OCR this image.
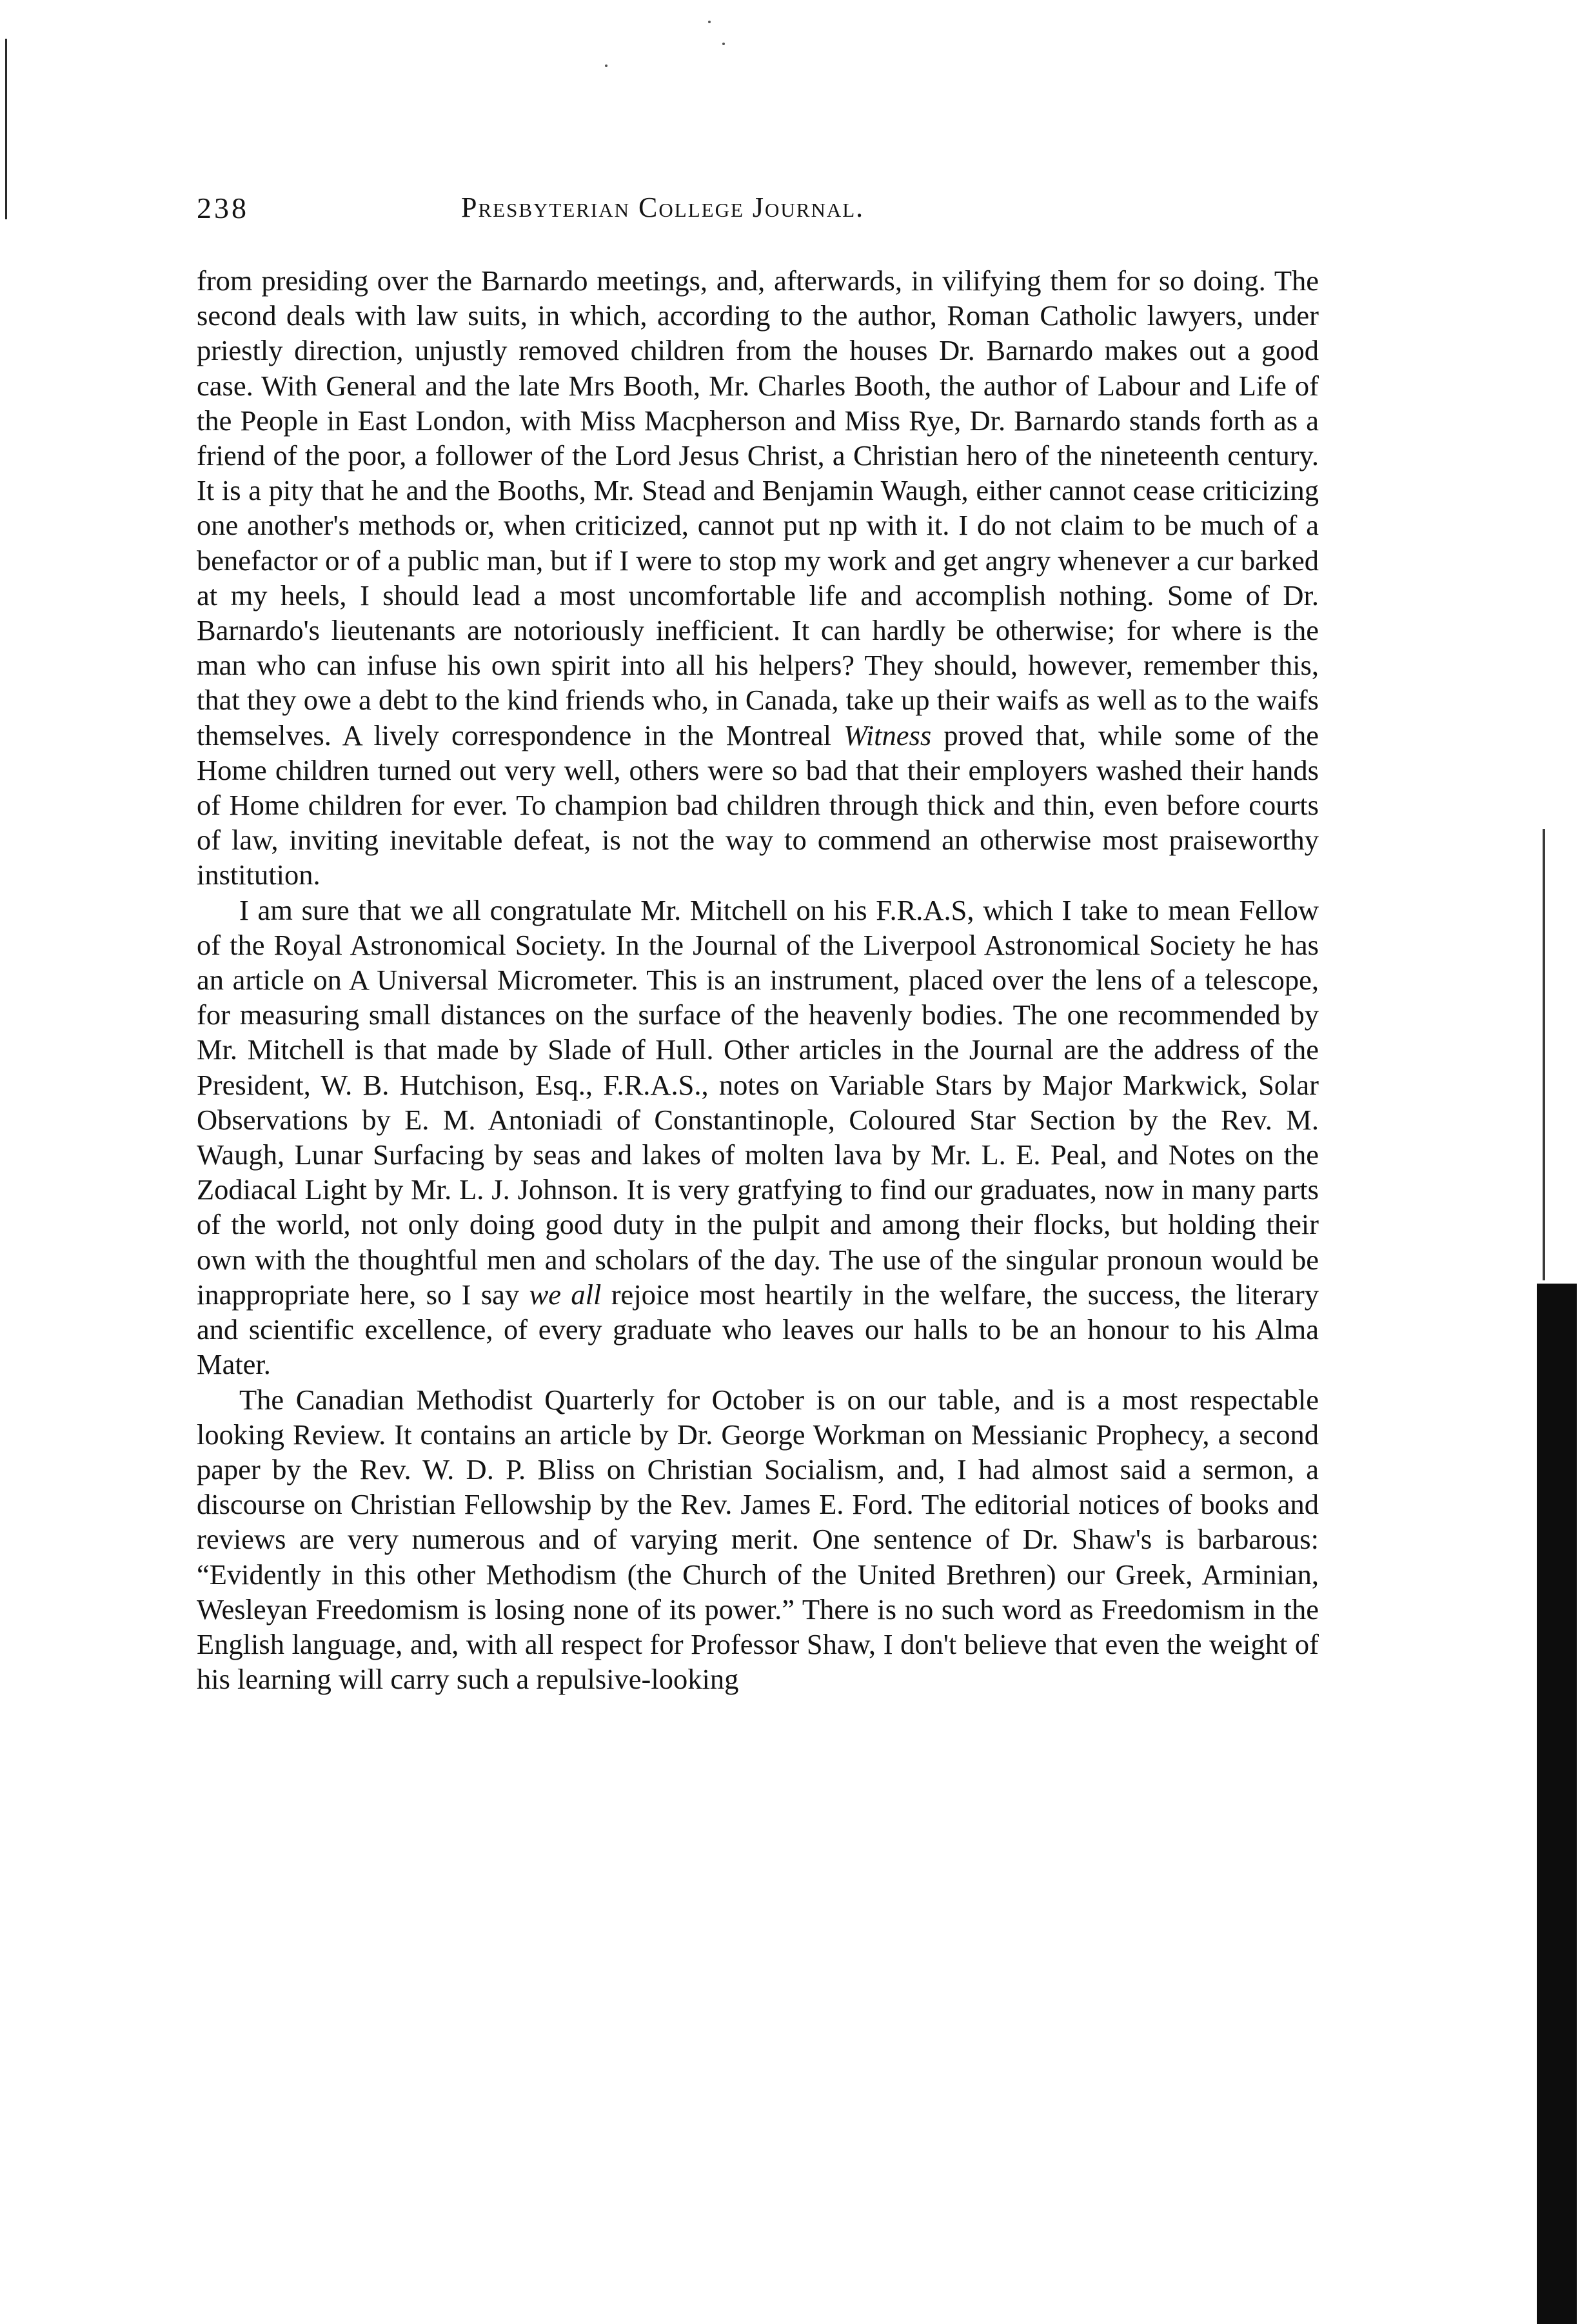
238	Presbyterian College Journal.

from presiding over the Barnardo meetings, and, afterwards, in vilifying them for so doing. The second deals with law suits, in which, according to the author, Roman Catholic lawyers, under priestly direction, unjustly removed children from the houses Dr. Barnardo makes out a good case. With General and the late Mrs Booth, Mr. Charles Booth, the author of Labour and Life of the People in East London, with Miss Macpherson and Miss Rye, Dr. Barnardo stands forth as a friend of the poor, a follower of the Lord Jesus Christ, a Christian hero of the nineteenth century. It is a pity that he and the Booths, Mr. Stead and Benjamin Waugh, either cannot cease criticizing one another's methods or, when criticized, cannot put np with it. I do not claim to be much of a benefactor or of a public man, but if I were to stop my work and get angry whenever a cur barked at my heels, I should lead a most uncomfortable life and accomplish nothing. Some of Dr. Barnardo's lieutenants are notoriously inefficient. It can hardly be otherwise; for where is the man who can infuse his own spirit into all his helpers? They should, however, remember this, that they owe a debt to the kind friends who, in Canada, take up their waifs as well as to the waifs themselves. A lively correspondence in the Montreal Witness proved that, while some of the Home children turned out very well, others were so bad that their employers washed their hands of Home children for ever. To champion bad children through thick and thin, even before courts of law, inviting inevitable defeat, is not the way to commend an otherwise most praiseworthy institution.

I am sure that we all congratulate Mr. Mitchell on his F.R.A.S, which I take to mean Fellow of the Royal Astronomical Society. In the Journal of the Liverpool Astronomical Society he has an article on A Universal Micrometer. This is an instrument, placed over the lens of a telescope, for measuring small distances on the surface of the heavenly bodies. The one recommended by Mr. Mitchell is that made by Slade of Hull. Other articles in the Journal are the address of the President, W. B. Hutchison, Esq., F.R.A.S., notes on Variable Stars by Major Markwick, Solar Observations by E. M. Antoniadi of Constantinople, Coloured Star Section by the Rev. M. Waugh, Lunar Surfacing by seas and lakes of molten lava by Mr. L. E. Peal, and Notes on the Zodiacal Light by Mr. L. J. Johnson. It is very gratfying to find our graduates, now in many parts of the world, not only doing good duty in the pulpit and among their flocks, but holding their own with the thoughtful men and scholars of the day. The use of the singular pronoun would be inappropriate here, so I say we all rejoice most heartily in the welfare, the success, the literary and scientific excellence, of every graduate who leaves our halls to be an honour to his Alma Mater.

The Canadian Methodist Quarterly for October is on our table, and is a most respectable looking Review. It contains an article by Dr. George Workman on Messianic Prophecy, a second paper by the Rev. W. D. P. Bliss on Christian Socialism, and, I had almost said a sermon, a discourse on Christian Fellowship by the Rev. James E. Ford. The editorial notices of books and reviews are very numerous and of varying merit. One sentence of Dr. Shaw's is barbarous: “Evidently in this other Methodism (the Church of the United Brethren) our Greek, Arminian, Wesleyan Freedomism is losing none of its power.” There is no such word as Freedomism in the English language, and, with all respect for Professor Shaw, I don't believe that even the weight of his learning will carry such a repulsive-looking
